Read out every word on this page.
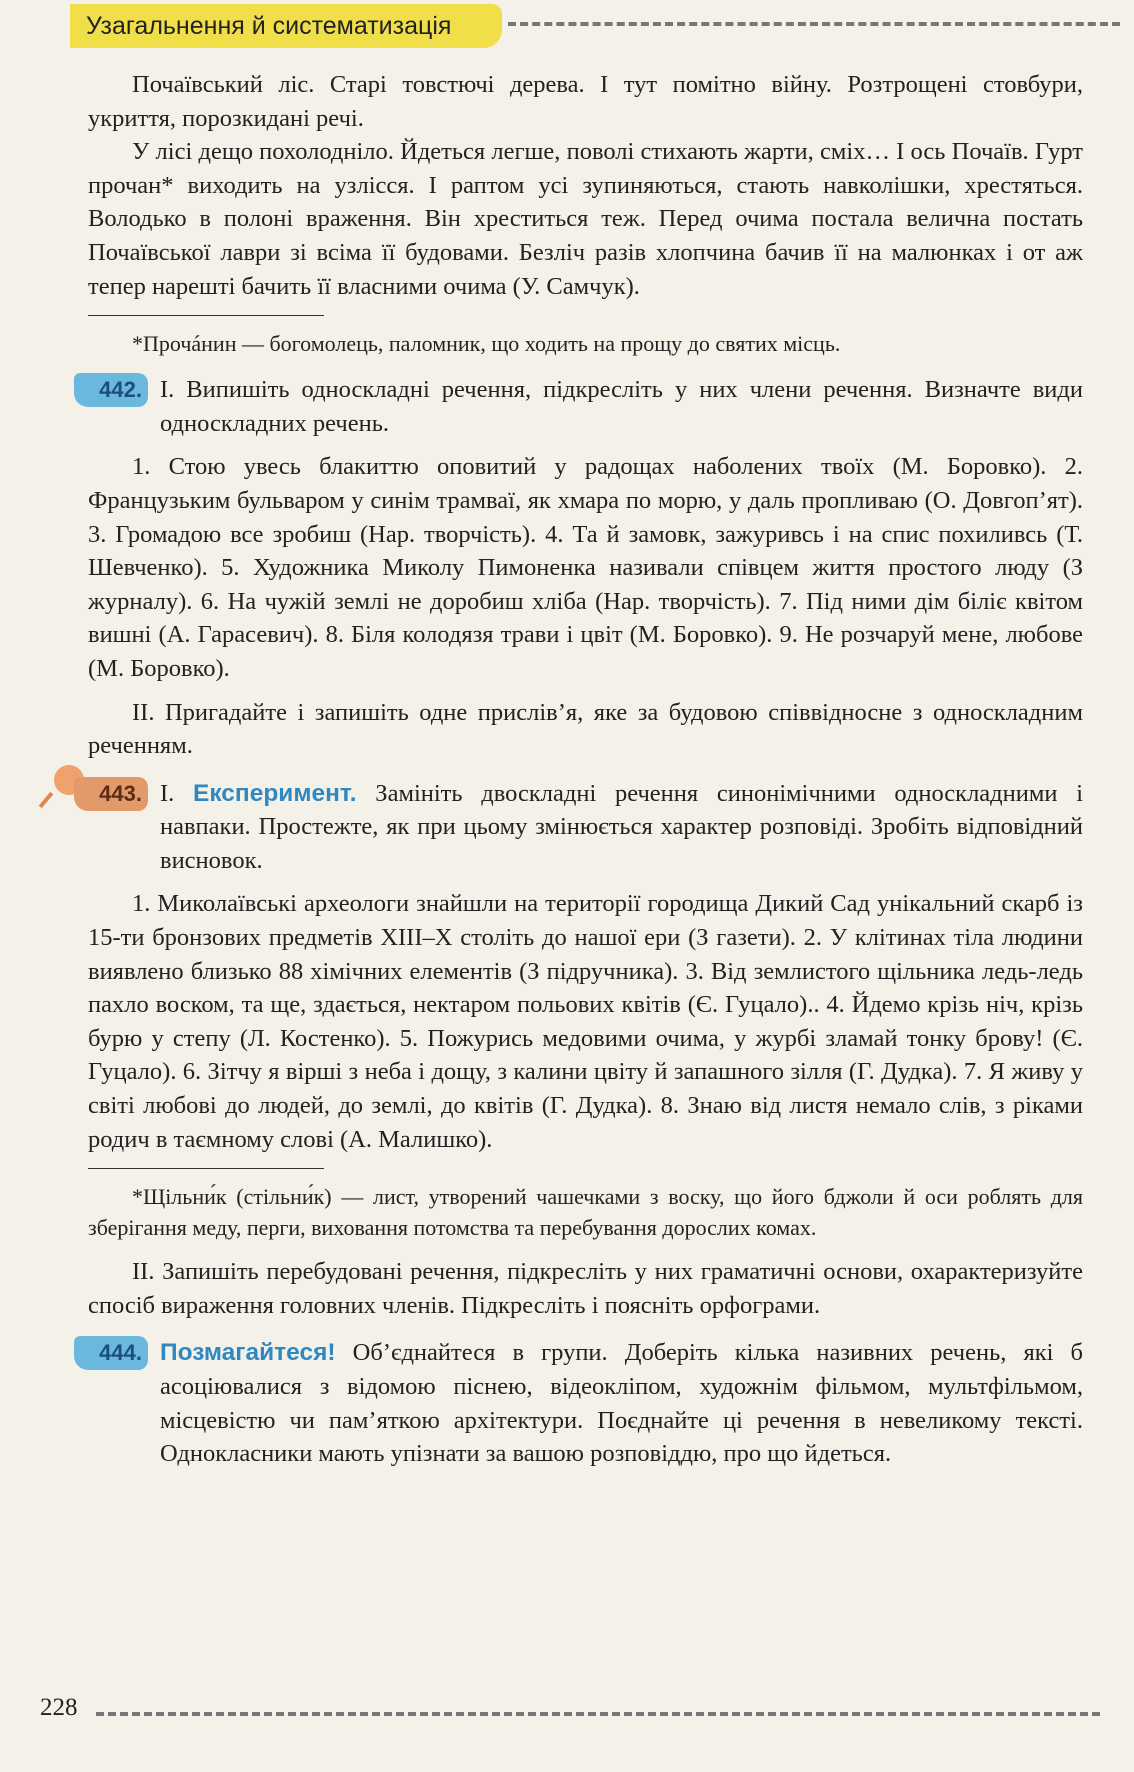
Узагальнення й систематизація

Почаївський ліс. Старі товстючі дерева. І тут помітно війну. Розтрощені стовбури, укриття, порозкидані речі.

У лісі дещо похолодніло. Йдеться легше, поволі стихають жарти, сміх… І ось Почаїв. Гурт прочан* виходить на узлісся. І раптом усі зупиняються, стають навколішки, хрестяться. Володько в полоні враження. Він хреститься теж. Перед очима постала велична постать Почаївської лаври зі всіма її будовами. Безліч разів хлопчина бачив її на малюнках і от аж тепер нарешті бачить її власними очима (У. Самчук).

*Прочáнин — богомолець, паломник, що ходить на прощу до святих місць.

442. І. Випишіть односкладні речення, підкресліть у них члени речення. Визначте види односкладних речень.

1. Стою увесь блакиттю оповитий у радощах наболених твоїх (М. Боровко). 2. Французьким бульваром у синім трамваї, як хмара по морю, у даль пропливаю (О. Довгоп’ят). 3. Громадою все зробиш (Нар. творчість). 4. Та й замовк, зажуривсь і на спис похиливсь (Т. Шевченко). 5. Художника Миколу Пимоненка називали співцем життя простого люду (З журналу). 6. На чужій землі не доробиш хліба (Нар. творчість). 7. Під ними дім біліє квітом вишні (А. Гарасевич). 8. Біля колодязя трави і цвіт (М. Боровко). 9. Не розчаруй мене, любове (М. Боровко).

ІІ. Пригадайте і запишіть одне прислів’я, яке за будовою співвідносне з односкладним реченням.

443. І. Експеримент. Замініть двоскладні речення синонімічними односкладними і навпаки. Простежте, як при цьому змінюється характер розповіді. Зробіть відповідний висновок.

1. Миколаївські археологи знайшли на території городища Дикий Сад унікальний скарб із 15-ти бронзових предметів XIII–X століть до нашої ери (З газети). 2. У клітинах тіла людини виявлено близько 88 хімічних елементів (З підручника). 3. Від землистого щільника ледь-ледь пахло воском, та ще, здається, нектаром польових квітів (Є. Гуцало).. 4. Йдемо крізь ніч, крізь бурю у степу (Л. Костенко). 5. Пожурись медовими очима, у журбі зламай тонку брову! (Є. Гуцало). 6. Зітчу я вірші з неба і дощу, з калини цвіту й запашного зілля (Г. Дудка). 7. Я живу у світі любові до людей, до землі, до квітів (Г. Дудка). 8. Знаю від листя немало слів, з ріками родич в таємному слові (А. Малишко).

*Щільни́к (стільни́к) — лист, утворений чашечками з воску, що його бджоли й оси роблять для зберігання меду, перги, виховання потомства та перебування дорослих комах.

ІІ. Запишіть перебудовані речення, підкресліть у них граматичні основи, охарактеризуйте спосіб вираження головних членів. Підкресліть і поясніть орфограми.

444. Позмагайтеся! Об’єднайтеся в групи. Доберіть кілька називних речень, які б асоціювалися з відомою піснею, відеокліпом, художнім фільмом, мультфільмом, місцевістю чи пам’яткою архітектури. Поєднайте ці речення в невеликому тексті. Однокласники мають упізнати за вашою розповіддю, про що йдеться.

228
